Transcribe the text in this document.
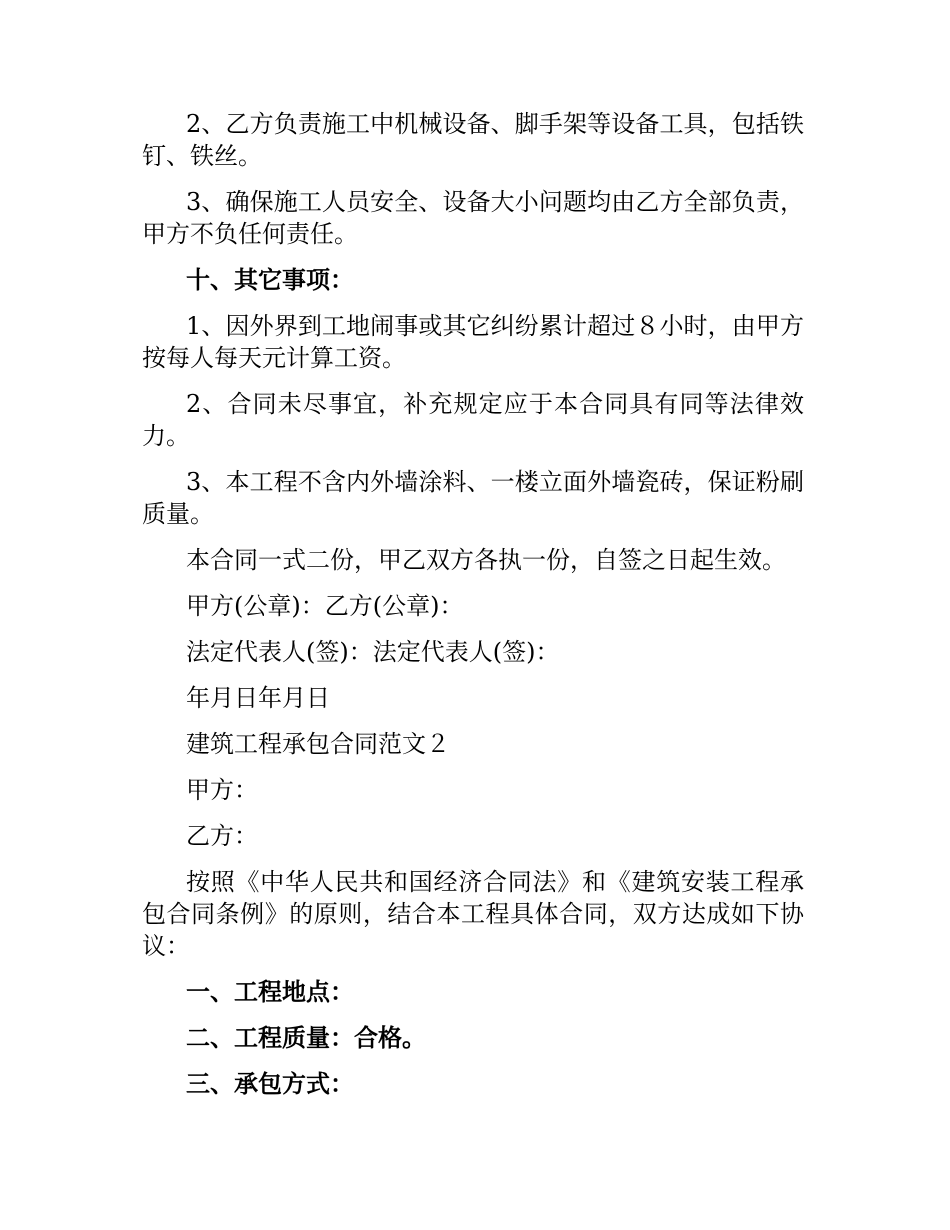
2、乙方负责施工中机械设备、脚手架等设备工具，包括铁钉、铁丝。

3、确保施工人员安全、设备大小问题均由乙方全部负责，甲方不负任何责任。

十、其它事项：

1、因外界到工地闹事或其它纠纷累计超过８小时，由甲方按每人每天元计算工资。

2、合同未尽事宜，补充规定应于本合同具有同等法律效力。

3、本工程不含内外墙涂料、一楼立面外墙瓷砖，保证粉刷质量。

本合同一式二份，甲乙双方各执一份，自签之日起生效。

甲方(公章)：乙方(公章)：

法定代表人(签)：法定代表人(签)：

年月日年月日

建筑工程承包合同范文２

甲方：

乙方：

按照《中华人民共和国经济合同法》和《建筑安装工程承包合同条例》的原则，结合本工程具体合同，双方达成如下协议：

一、工程地点：

二、工程质量：合格。

三、承包方式：
